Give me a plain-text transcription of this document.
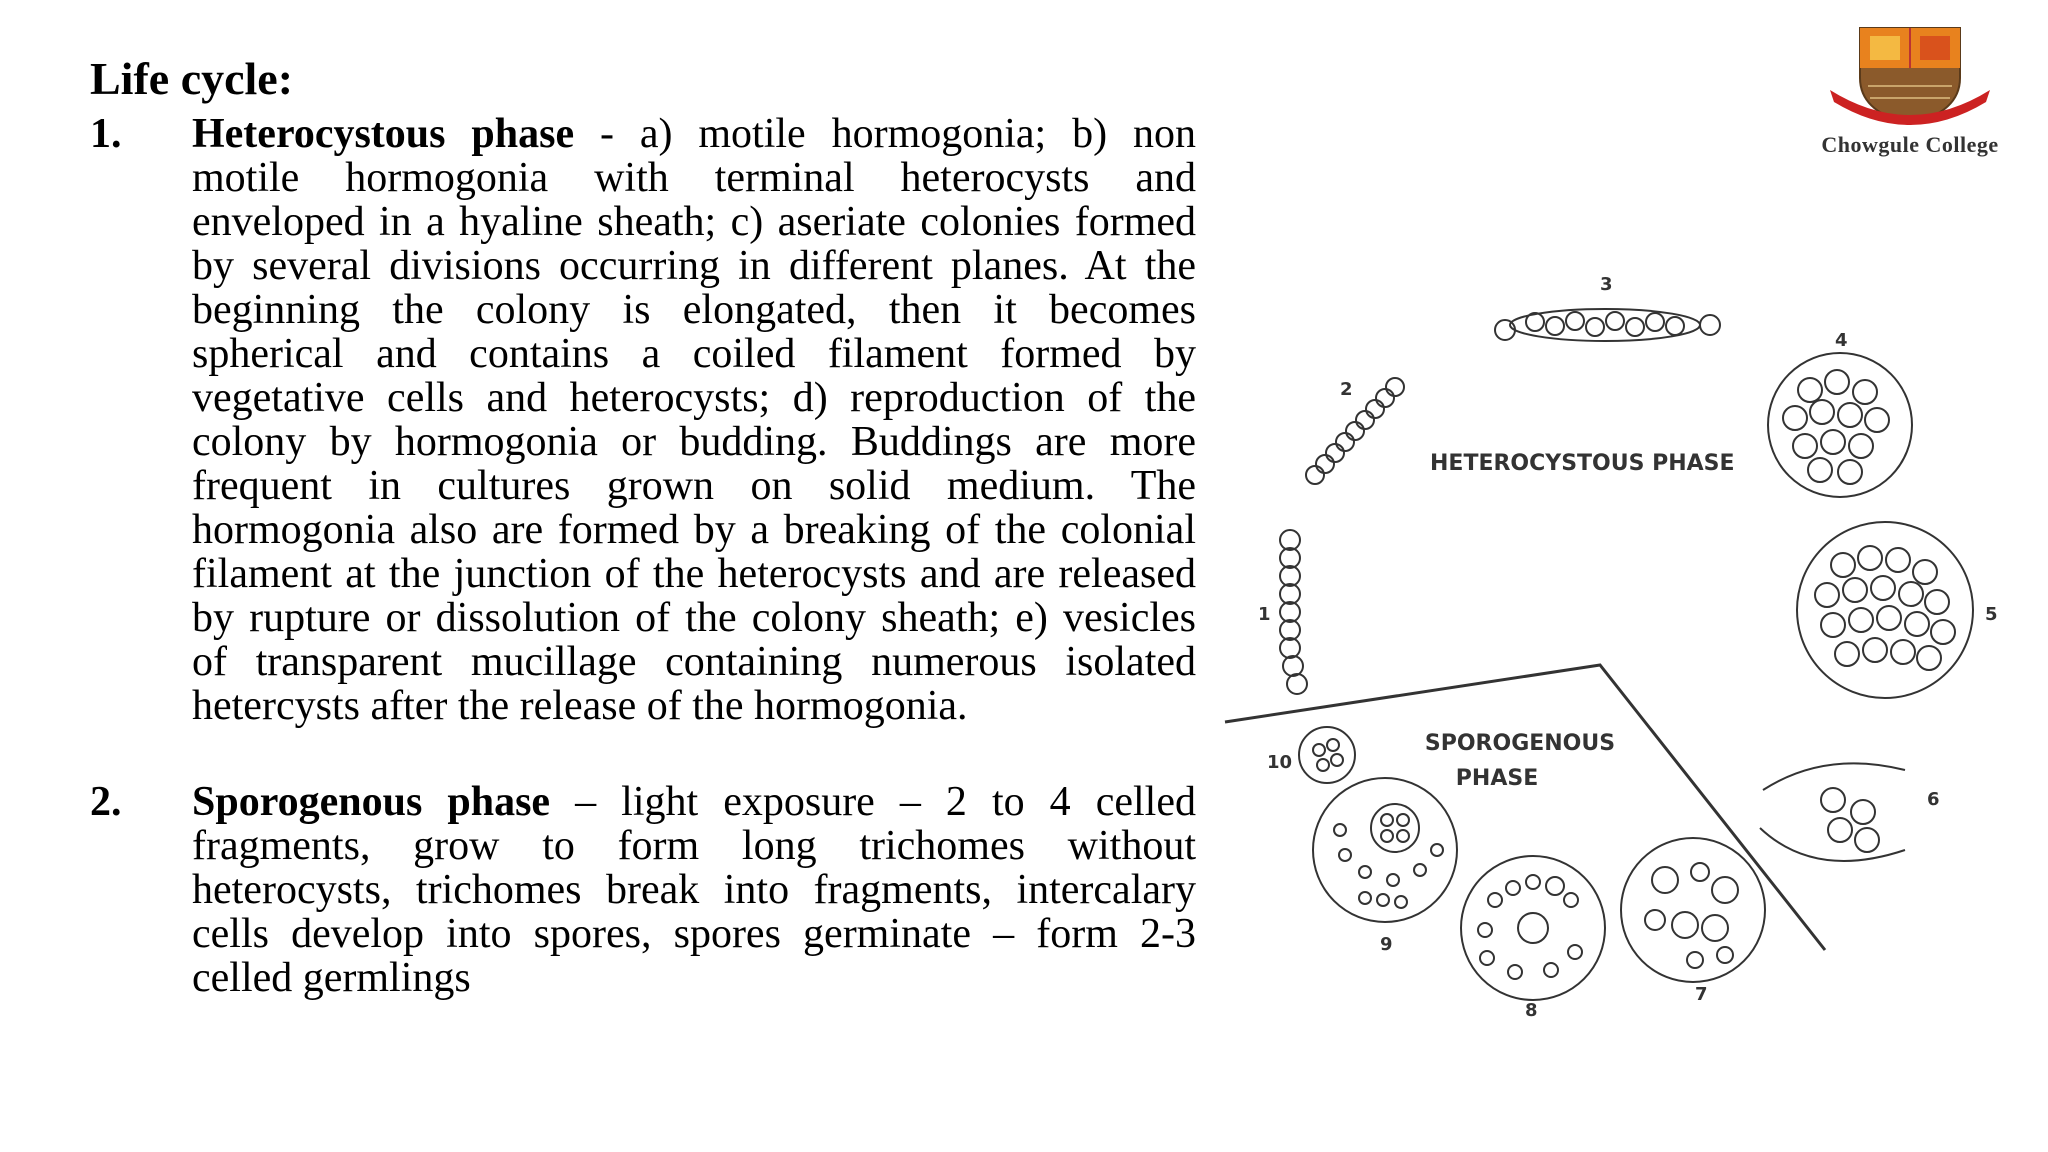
Life cycle:
1. Heterocystous phase - a) motile hormogonia; b) non motile hormogonia with terminal heterocysts and enveloped in a hyaline sheath; c) aseriate colonies formed by several divisions occurring in different planes. At the beginning the colony is elongated, then it becomes spherical and contains a coiled filament formed by vegetative cells and heterocysts; d) reproduction of the colony by hormogonia or budding. Buddings are more frequent in cultures grown on solid medium. The hormogonia also are formed by a breaking of the colonial filament at the junction of the heterocysts and are released by rupture or dissolution of the colony sheath; e) vesicles of transparent mucillage containing numerous isolated hetercysts after the release of the hormogonia.
2. Sporogenous phase – light exposure – 2 to 4 celled fragments, grow to form long trichomes without heterocysts, trichomes break into fragments, intercalary cells develop into spores, spores germinate – form 2-3 celled germlings
Chowgule College
HETEROCYSTOUS PHASE
SPOROGENOUS
PHASE
1
2
3
4
5
6
7
8
9
10
